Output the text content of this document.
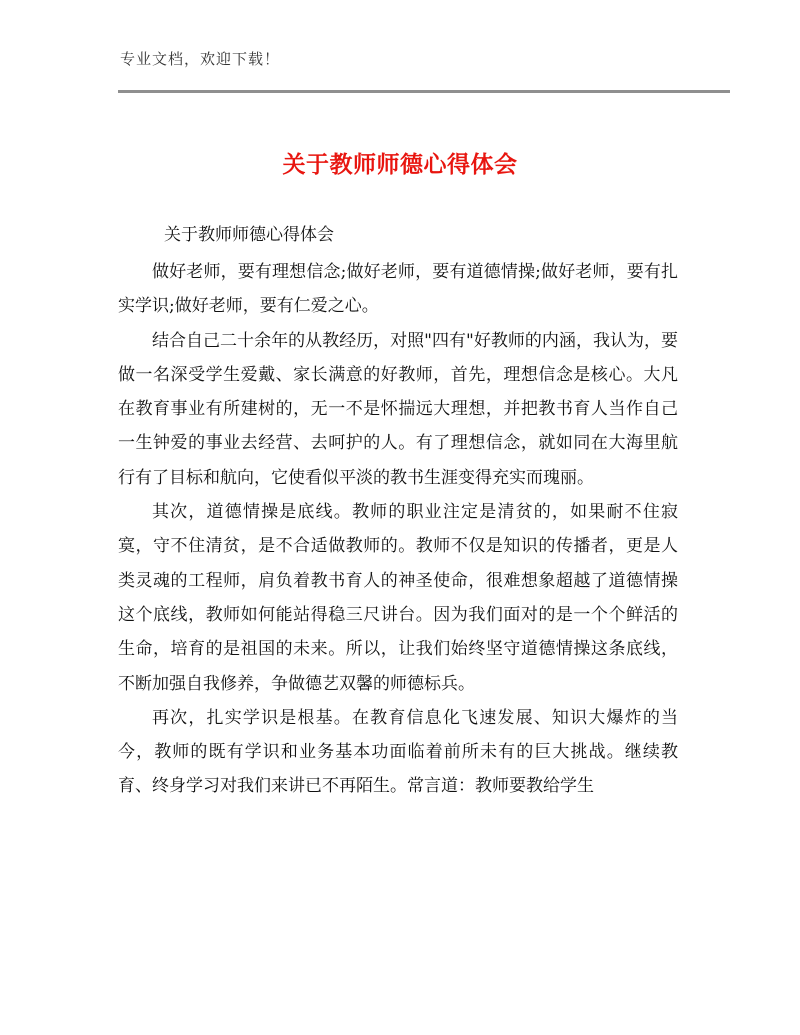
专业文档，欢迎下载！
关于教师师德心得体会
关于教师师德心得体会

做好老师，要有理想信念;做好老师，要有道德情操;做好老师，要有扎实学识;做好老师，要有仁爱之心。

结合自己二十余年的从教经历，对照"四有"好教师的内涵，我认为，要做一名深受学生爱戴、家长满意的好教师，首先，理想信念是核心。大凡在教育事业有所建树的，无一不是怀揣远大理想，并把教书育人当作自己一生钟爱的事业去经营、去呵护的人。有了理想信念，就如同在大海里航行有了目标和航向，它使看似平淡的教书生涯变得充实而瑰丽。

其次，道德情操是底线。教师的职业注定是清贫的，如果耐不住寂寞，守不住清贫，是不合适做教师的。教师不仅是知识的传播者，更是人类灵魂的工程师，肩负着教书育人的神圣使命，很难想象超越了道德情操这个底线，教师如何能站得稳三尺讲台。因为我们面对的是一个个鲜活的生命，培育的是祖国的未来。所以，让我们始终坚守道德情操这条底线，不断加强自我修养，争做德艺双馨的师德标兵。

再次，扎实学识是根基。在教育信息化飞速发展、知识大爆炸的当今，教师的既有学识和业务基本功面临着前所未有的巨大挑战。继续教育、终身学习对我们来讲已不再陌生。常言道：教师要教给学生
